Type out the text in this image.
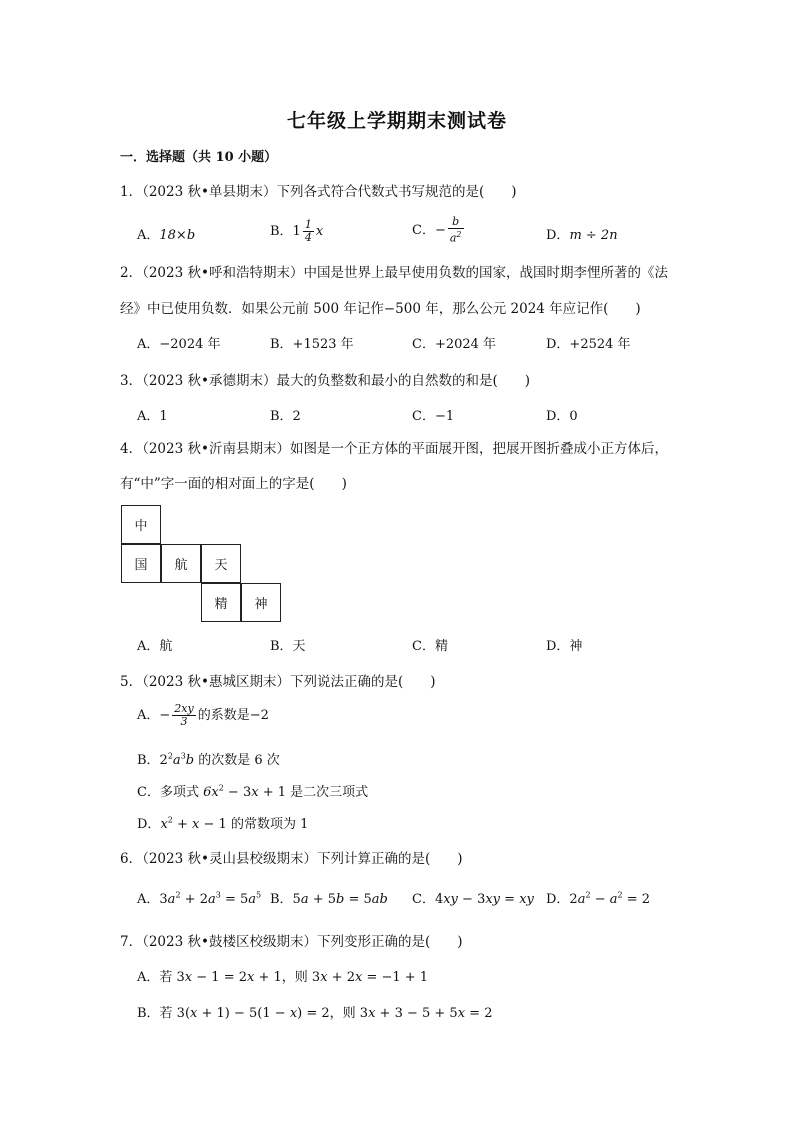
七年级上学期期末测试卷
一．选择题（共 10 小题）
1．（2023 秋•单县期末）下列各式符合代数式书写规范的是(　　)
A．18×b	B．$1 \frac{1}{4}$ x	C．− $\frac{b}{a^2}$	D．m ÷ 2n
2．（2023 秋•呼和浩特期末）中国是世界上最早使用负数的国家，战国时期李悝所著的《法
经》中已使用负数．如果公元前 500 年记作−500 年，那么公元 2024 年应记作(　　)
A．−2024 年	B．+1523 年	C．+2024 年	D．+2524 年
3．（2023 秋•承德期末）最大的负整数和最小的自然数的和是(　　)
A．1	B．2	C．−1	D．0
4．（2023 秋•沂南县期末）如图是一个正方体的平面展开图，把展开图折叠成小正方体后，
有“中”字一面的相对面上的字是(　　)
中
国	航	天
精	神
A．航	B．天	C．精	D．神
5．（2023 秋•惠城区期末）下列说法正确的是(　　)
A．− $\frac{2xy}{3}$ 的系数是−2
B．$2^2a^3b$ 的次数是 6 次
C．多项式 $6x^2 - 3x + 1$ 是二次三项式
D．$x^2 + x - 1$ 的常数项为 1
6．（2023 秋•灵山县校级期末）下列计算正确的是(　　)
A．$3a^2 + 2a^3 = 5a^5$ B．5a + 5b = 5ab C．4xy − 3xy = xy D．$2a^2 - a^2 = 2$
7．（2023 秋•鼓楼区校级期末）下列变形正确的是(　　)
A．若 3x − 1 = 2x + 1，则 3x + 2x = −1 + 1
B．若 3(x + 1) − 5(1 − x) = 2，则 3x + 3 − 5 + 5x = 2
